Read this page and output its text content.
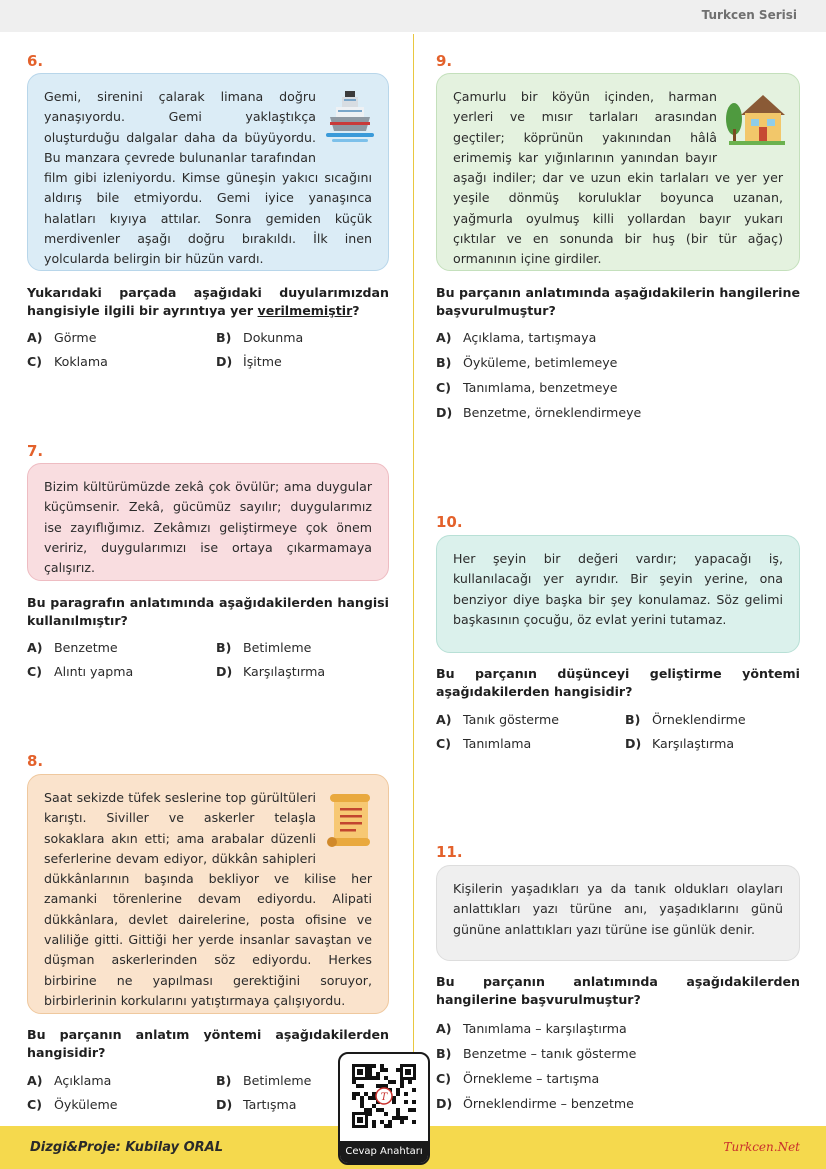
Turkcen Serisi
6.
Gemi, sirenini çalarak limana doğru yanaşıyordu. Gemi yaklaştıkça oluşturduğu dalgalar daha da büyüyordu. Bu manzara çevrede bulunanlar tarafından film gibi izleniyordu. Kimse güneşin yakıcı sıcağını aldırış bile etmiyordu. Gemi iyice yanaşınca halatları kıyıya attılar. Sonra gemiden küçük merdivenler aşağı doğru bırakıldı. İlk inen yolcularda belirgin bir hüzün vardı.
Yukarıdaki parçada aşağıdaki duyularımızdan hangisiyle ilgili bir ayrıntıya yer verilmemiştir?
A) Görme	B) Dokunma
C) Koklama	D) İşitme
7.
Bizim kültürümüzde zekâ çok övülür; ama duygular küçümsenir. Zekâ, gücümüz sayılır; duygularımız ise zayıflığımız. Zekâmızı geliştirmeye çok önem veririz, duygularımızı ise ortaya çıkarmamaya çalışırız.
Bu paragrafın anlatımında aşağıdakilerden hangisi kullanılmıştır?
A) Benzetme	B) Betimleme
C) Alıntı yapma	D) Karşılaştırma
8.
Saat sekizde tüfek seslerine top gürültüleri karıştı. Siviller ve askerler telaşla sokaklara akın etti; ama arabalar düzenli seferlerine devam ediyor, dükkân sahipleri dükkânlarının başında bekliyor ve kilise her zamanki törenlerine devam ediyordu. Alipati dükkânlara, devlet dairelerine, posta ofisine ve valiliğe gitti. Gittiği her yerde insanlar savaştan ve düşman askerlerinden söz ediyordu. Herkes birbirine ne yapılması gerektiğini soruyor, birbirlerinin korkularını yatıştırmaya çalışıyordu.
Bu parçanın anlatım yöntemi aşağıdakilerden hangisidir?
A) Açıklama	B) Betimleme
C) Öyküleme	D) Tartışma
9.
Çamurlu bir köyün içinden, harman yerleri ve mısır tarlaları arasından geçtiler; köprünün yakınından hâlâ erimemiş kar yığınlarının yanından bayır aşağı indiler; dar ve uzun ekin tarlaları ve yer yer yeşile dönmüş koruluklar boyunca uzanan, yağmurla oyulmuş killi yollardan bayır yukarı çıktılar ve en sonunda bir huş (bir tür ağaç) ormanının içine girdiler.
Bu parçanın anlatımında aşağıdakilerin hangilerine başvurulmuştur?
A) Açıklama, tartışmaya
B) Öyküleme, betimlemeye
C) Tanımlama, benzetmeye
D) Benzetme, örneklendirmeye
10.
Her şeyin bir değeri vardır; yapacağı iş, kullanılacağı yer ayrıdır. Bir şeyin yerine, ona benziyor diye başka bir şey konulamaz. Söz gelimi başkasının çocuğu, öz evlat yerini tutamaz.
Bu parçanın düşünceyi geliştirme yöntemi aşağıdakilerden hangisidir?
A) Tanık gösterme	B) Örneklendirme
C) Tanımlama	D) Karşılaştırma
11.
Kişilerin yaşadıkları ya da tanık oldukları olayları anlattıkları yazı türüne anı, yaşadıklarını günü gününe anlattıkları yazı türüne ise günlük denir.
Bu parçanın anlatımında aşağıdakilerden hangilerine başvurulmuştur?
A) Tanımlama – karşılaştırma
B) Benzetme – tanık gösterme
C) Örnekleme – tartışma
D) Örneklendirme – benzetme
Dizgi&Proje: Kubilay ORAL	Turkcen.Net
T
Cevap Anahtarı
